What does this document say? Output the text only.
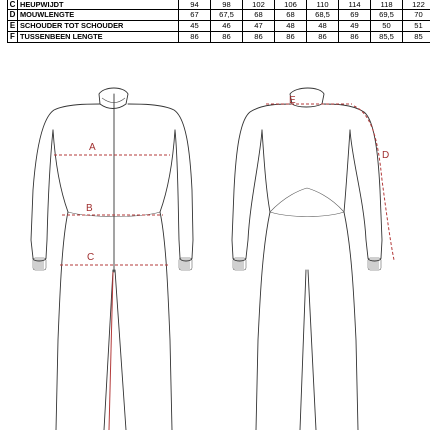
C	HEUPWIJDT	94	98	102	106	110	114	118	122
D	MOUWLENGTE	67	67,5	68	68	68,5	69	69,5	70
E	SCHOUDER TOT SCHOUDER	45	46	47	48	48	49	50	51
F	TUSSENBEEN LENGTE	86	86	86	86	86	86	85,5	85
A
B
C
E
D
